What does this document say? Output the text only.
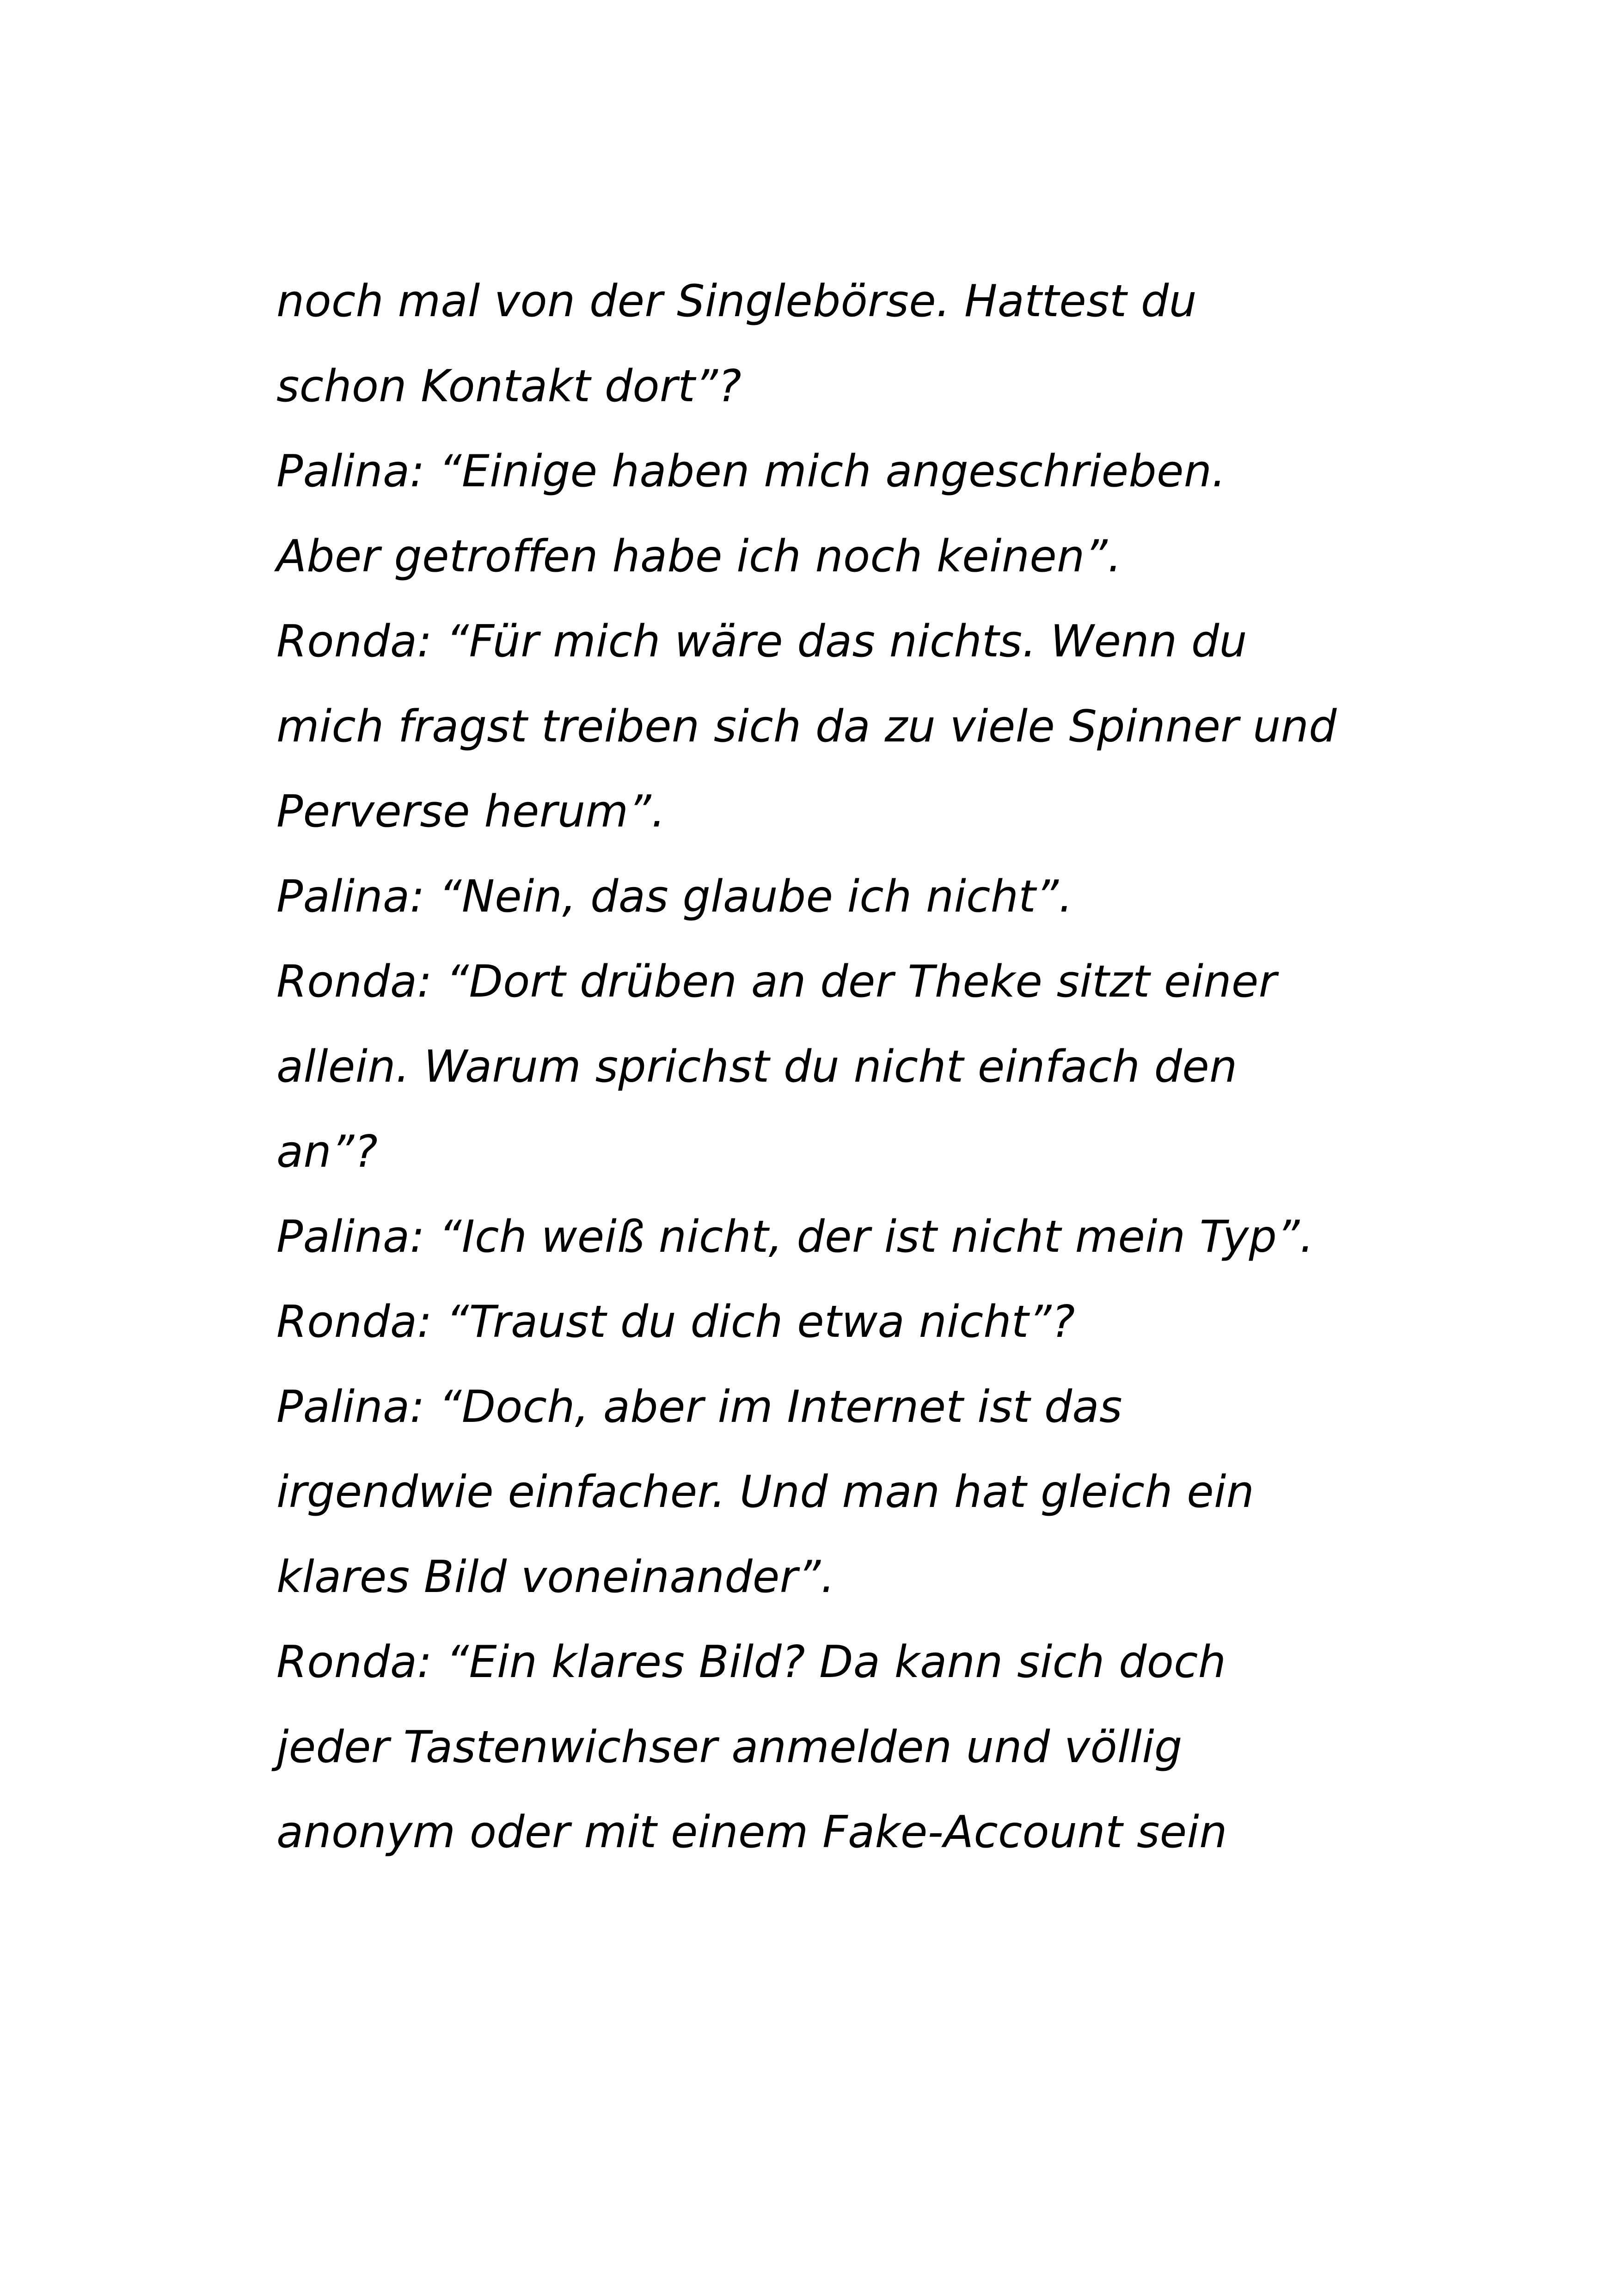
noch mal von der Singlebörse. Hattest du
schon Kontakt dort”?
Palina: “Einige haben mich angeschrieben.
Aber getroffen habe ich noch keinen”.
Ronda: “Für mich wäre das nichts. Wenn du
mich fragst treiben sich da zu viele Spinner und
Perverse herum”.
Palina: “Nein, das glaube ich nicht”.
Ronda: “Dort drüben an der Theke sitzt einer
allein. Warum sprichst du nicht einfach den
an”?
Palina: “Ich weiß nicht, der ist nicht mein Typ”.
Ronda: “Traust du dich etwa nicht”?
Palina: “Doch, aber im Internet ist das
irgendwie einfacher. Und man hat gleich ein
klares Bild voneinander”.
Ronda: “Ein klares Bild? Da kann sich doch
jeder Tastenwichser anmelden und völlig
anonym oder mit einem Fake-Account sein
